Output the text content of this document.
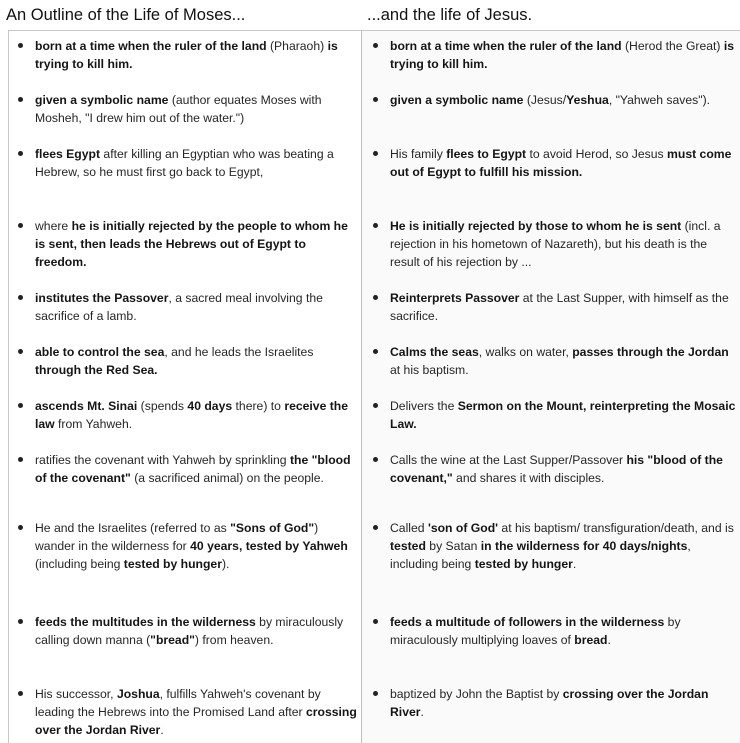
An Outline of the Life of Moses...	...and the life of Jesus.
born at a time when the ruler of the land (Pharaoh) is trying to kill him.
given a symbolic name (author equates Moses with Mosheh, "I drew him out of the water.")
flees Egypt after killing an Egyptian who was beating a Hebrew, so he must first go back to Egypt,
where he is initially rejected by the people to whom he is sent, then leads the Hebrews out of Egypt to freedom.
institutes the Passover, a sacred meal involving the sacrifice of a lamb.
able to control the sea, and he leads the Israelites through the Red Sea.
ascends Mt. Sinai (spends 40 days there) to receive the law from Yahweh.
ratifies the covenant with Yahweh by sprinkling the "blood of the covenant" (a sacrificed animal) on the people.
He and the Israelites (referred to as "Sons of God") wander in the wilderness for 40 years, tested by Yahweh (including being tested by hunger).
feeds the multitudes in the wilderness by miraculously calling down manna ("bread") from heaven.
His successor, Joshua, fulfills Yahweh's covenant by leading the Hebrews into the Promised Land after crossing over the Jordan River.
born at a time when the ruler of the land (Herod the Great) is trying to kill him.
given a symbolic name (Jesus/Yeshua, "Yahweh saves").
His family flees to Egypt to avoid Herod, so Jesus must come out of Egypt to fulfill his mission.
He is initially rejected by those to whom he is sent (incl. a rejection in his hometown of Nazareth), but his death is the result of his rejection by ...
Reinterprets Passover at the Last Supper, with himself as the sacrifice.
Calms the seas, walks on water, passes through the Jordan at his baptism.
Delivers the Sermon on the Mount, reinterpreting the Mosaic Law.
Calls the wine at the Last Supper/Passover his "blood of the covenant," and shares it with disciples.
Called 'son of God' at his baptism/ transfiguration/death, and is tested by Satan in the wilderness for 40 days/nights, including being tested by hunger.
feeds a multitude of followers in the wilderness by miraculously multiplying loaves of bread.
baptized by John the Baptist by crossing over the Jordan River.
